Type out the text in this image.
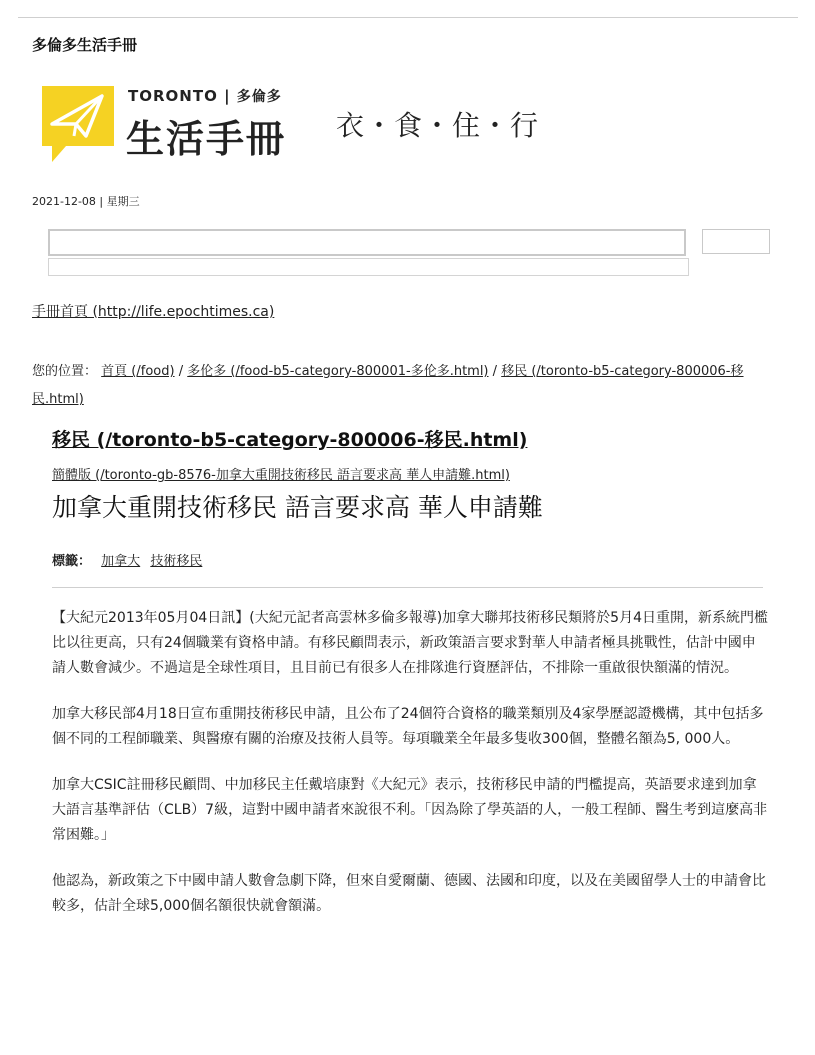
多倫多生活手冊
TORONTO | 多倫多
生活手冊 衣・食・住・行
2021-12-08 | 星期三
手冊首頁 (http://life.epochtimes.ca)
您的位置： 首頁 (/food) / 多伦多 (/food-b5-category-800001-多伦多.html) / 移民 (/toronto-b5-category-800006-移民.html)
移民 (/toronto-b5-category-800006-移民.html)
簡體版 (/toronto-gb-8576-加拿大重開技術移民 語言要求高 華人申請難.html)
加拿大重開技術移民 語言要求高 華人申請難
標籤： 加拿大 技術移民

【大紀元2013年05月04日訊】(大紀元記者高雲林多倫多報導)加拿大聯邦技術移民類將於5月4日重開，新系統門檻比以往更高，只有24個職業有資格申請。有移民顧問表示，新政策語言要求對華人申請者極具挑戰性，估計中國申請人數會減少。不過這是全球性項目，且目前已有很多人在排隊進行資歷評估，不排除一重啟很快額滿的情況。

加拿大移民部4月18日宣布重開技術移民申請，且公布了24個符合資格的職業類別及4家學歷認證機構，其中包括多個不同的工程師職業、與醫療有關的治療及技術人員等。每項職業全年最多隻收300個，整體名額為5, 000人。

加拿大CSIC註冊移民顧問、中加移民主任戴培康對《大紀元》表示，技術移民申請的門檻提高，英語要求達到加拿大語言基準評估（CLB）7級，這對中國申請者來說很不利。「因為除了學英語的人，一般工程師、醫生考到這麼高非常困難。」

他認為，新政策之下中國申請人數會急劇下降，但來自愛爾蘭、德國、法國和印度，以及在美國留學人士的申請會比較多，估計全球5,000個名額很快就會額滿。
